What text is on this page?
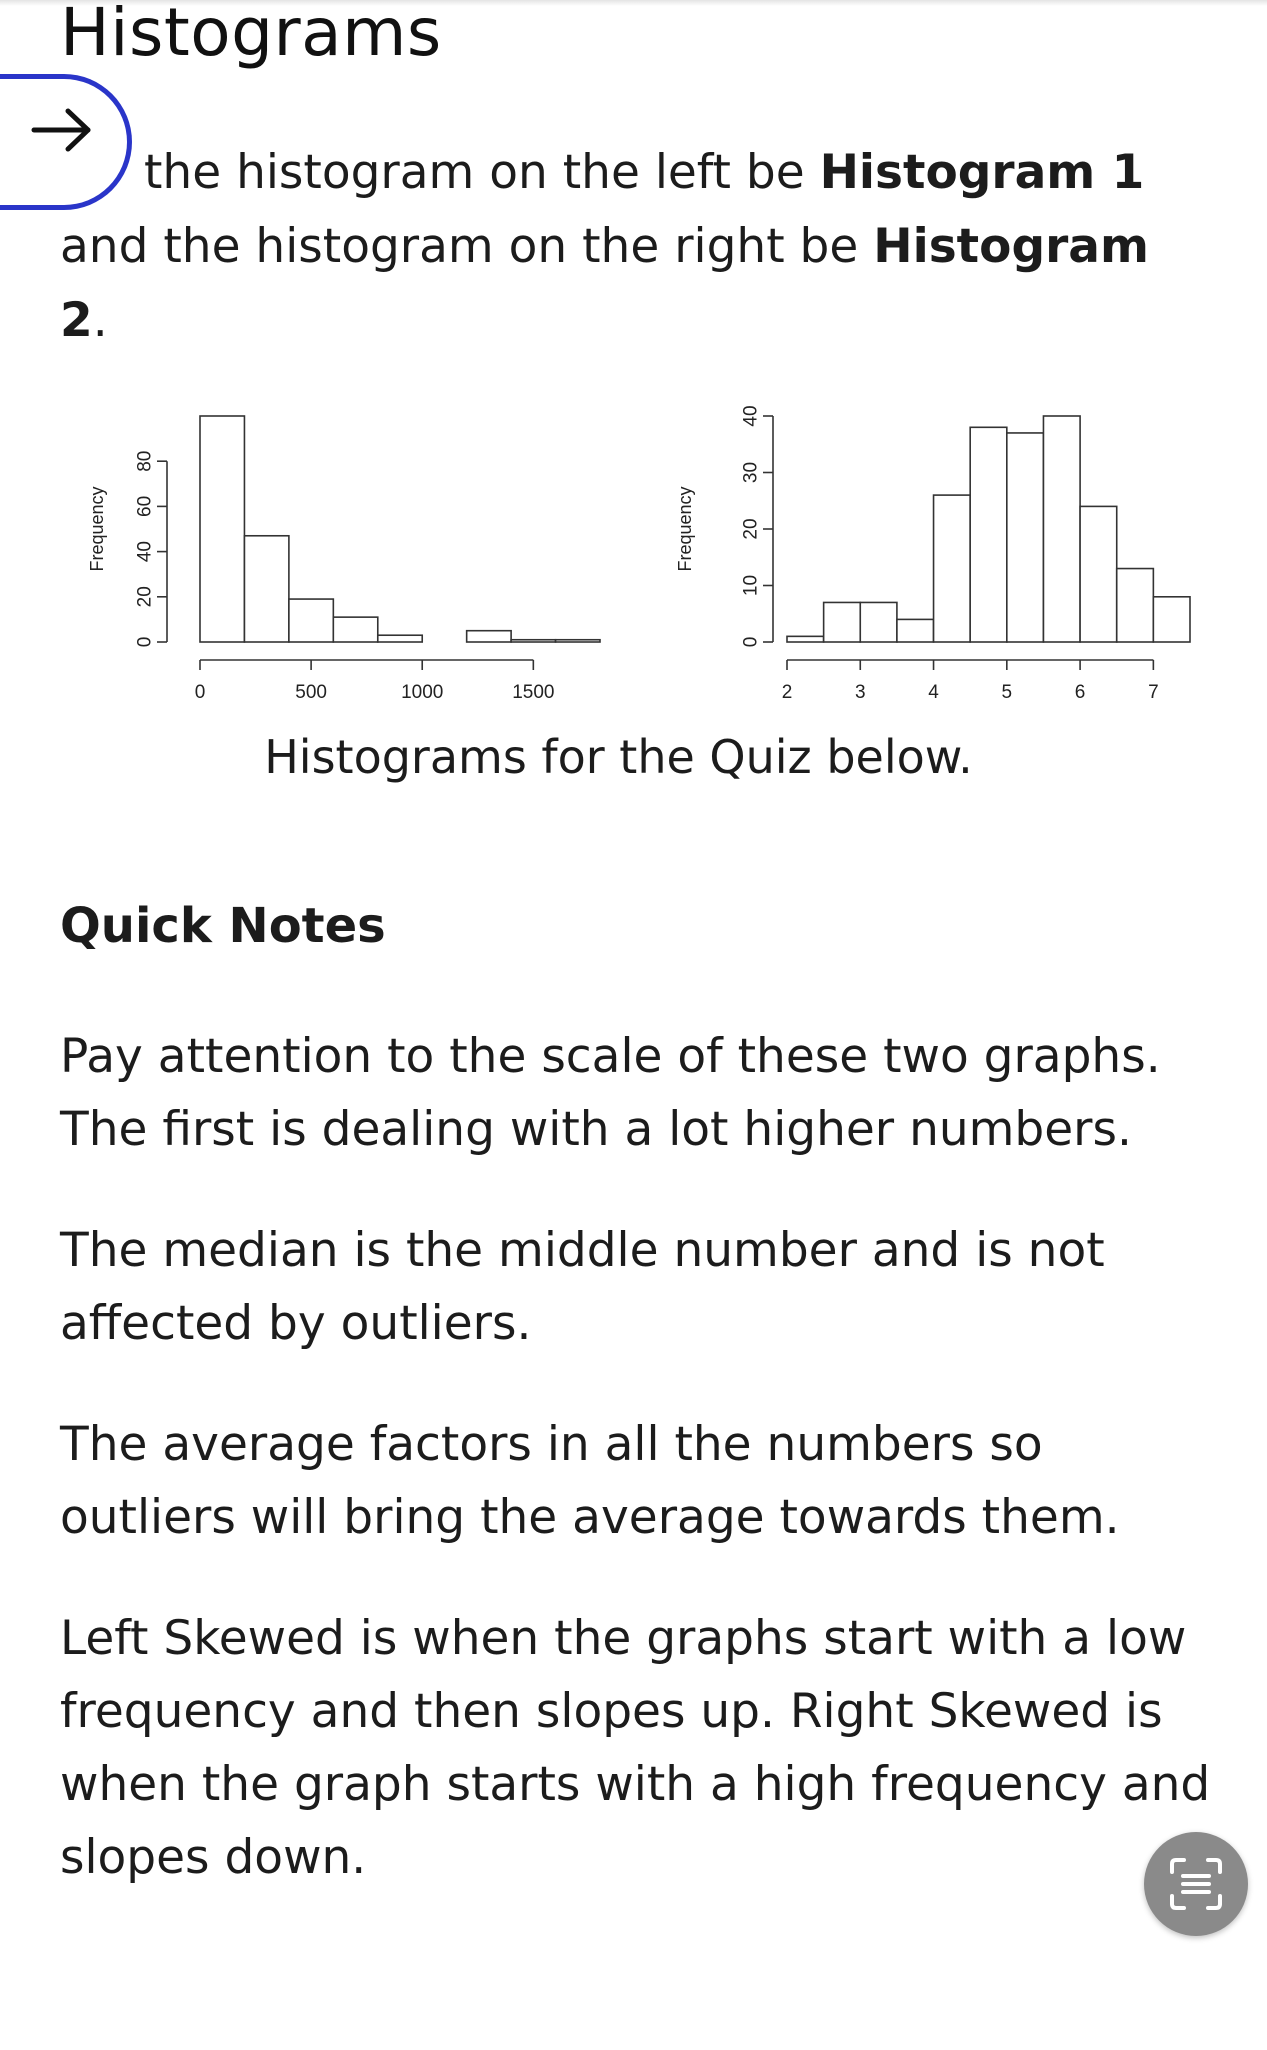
Histograms

the histogram on the left be Histogram 1 and the histogram on the right be Histogram 2.

0
20
40
60
80
Frequency
0	500	1000	1500
0
10
20
30
40
Frequency
2	3	4	5	6	7

Histograms for the Quiz below.

Quick Notes

Pay attention to the scale of these two graphs. The first is dealing with a lot higher numbers.

The median is the middle number and is not affected by outliers.

The average factors in all the numbers so outliers will bring the average towards them.

Left Skewed is when the graphs start with a low frequency and then slopes up. Right Skewed is when the graph starts with a high frequency and slopes down.
